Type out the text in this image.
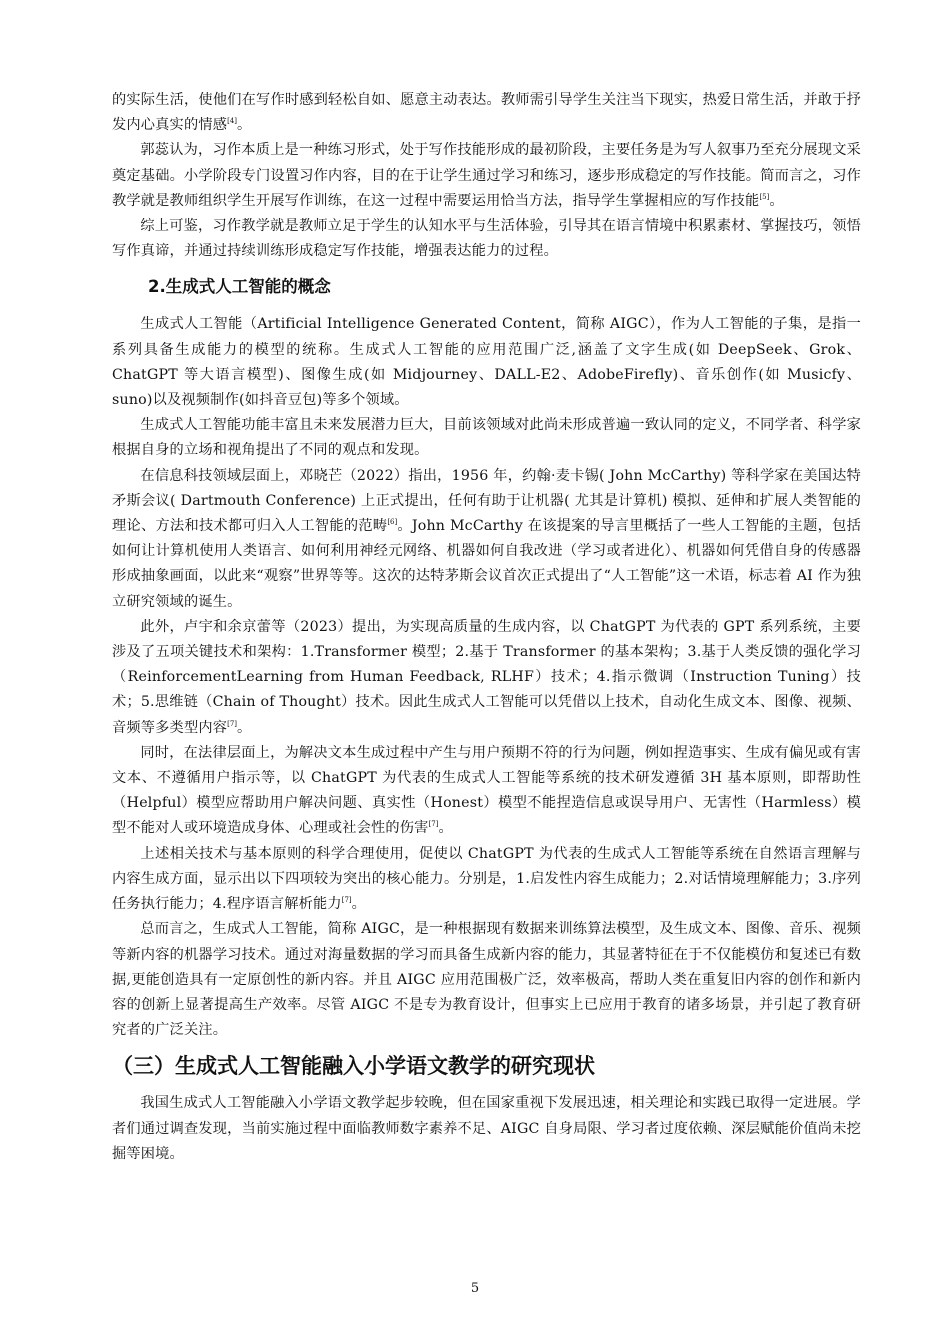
的实际生活，使他们在写作时感到轻松自如、愿意主动表达。教师需引导学生关注当下现实，热爱日常生活，并敢于抒发内心真实的情感[4]。

郭蕊认为，习作本质上是一种练习形式，处于写作技能形成的最初阶段，主要任务是为写人叙事乃至充分展现文采奠定基础。小学阶段专门设置习作内容，目的在于让学生通过学习和练习，逐步形成稳定的写作技能。简而言之，习作教学就是教师组织学生开展写作训练，在这一过程中需要运用恰当方法，指导学生掌握相应的写作技能[5]。

综上可鉴，习作教学就是教师立足于学生的认知水平与生活体验，引导其在语言情境中积累素材、掌握技巧，领悟写作真谛，并通过持续训练形成稳定写作技能，增强表达能力的过程。

2.生成式人工智能的概念

生成式人工智能（Artificial Intelligence Generated Content，简称 AIGC），作为人工智能的子集，是指一系列具备生成能力的模型的统称。生成式人工智能的应用范围广泛,涵盖了文字生成(如 DeepSeek、Grok、ChatGPT 等大语言模型)、图像生成(如 Midjourney、DALL-E2、AdobeFirefly)、音乐创作(如 Musicfy、suno)以及视频制作(如抖音豆包)等多个领域。

生成式人工智能功能丰富且未来发展潜力巨大，目前该领域对此尚未形成普遍一致认同的定义，不同学者、科学家根据自身的立场和视角提出了不同的观点和发现。

在信息科技领域层面上，邓晓芒（2022）指出，1956 年，约翰·麦卡锡( John McCarthy) 等科学家在美国达特矛斯会议( Dartmouth Conference) 上正式提出，任何有助于让机器( 尤其是计算机) 模拟、延伸和扩展人类智能的理论、方法和技术都可归入人工智能的范畴[6]。John McCarthy 在该提案的导言里概括了一些人工智能的主题，包括如何让计算机使用人类语言、如何利用神经元网络、机器如何自我改进（学习或者进化）、机器如何凭借自身的传感器形成抽象画面，以此来“观察”世界等等。这次的达特茅斯会议首次正式提出了“人工智能”这一术语，标志着 AI 作为独立研究领域的诞生。

此外，卢宇和余京蕾等（2023）提出，为实现高质量的生成内容，以 ChatGPT 为代表的 GPT 系列系统，主要涉及了五项关键技术和架构：1.Transformer 模型；2.基于 Transformer 的基本架构；3.基于人类反馈的强化学习（ReinforcementLearning from Human Feedback, RLHF）技术；4.指示微调（Instruction Tuning）技术；5.思维链（Chain of Thought）技术。因此生成式人工智能可以凭借以上技术，自动化生成文本、图像、视频、音频等多类型内容[7]。

同时，在法律层面上，为解决文本生成过程中产生与用户预期不符的行为问题，例如捏造事实、生成有偏见或有害文本、不遵循用户指示等，以 ChatGPT 为代表的生成式人工智能等系统的技术研发遵循 3H 基本原则，即帮助性（Helpful）模型应帮助用户解决问题、真实性（Honest）模型不能捏造信息或误导用户、无害性（Harmless）模型不能对人或环境造成身体、心理或社会性的伤害[7]。

上述相关技术与基本原则的科学合理使用，促使以 ChatGPT 为代表的生成式人工智能等系统在自然语言理解与内容生成方面，显示出以下四项较为突出的核心能力。分别是，1.启发性内容生成能力；2.对话情境理解能力；3.序列任务执行能力；4.程序语言解析能力[7]。

总而言之，生成式人工智能，简称 AIGC，是一种根据现有数据来训练算法模型，及生成文本、图像、音乐、视频等新内容的机器学习技术。通过对海量数据的学习而具备生成新内容的能力，其显著特征在于不仅能模仿和复述已有数据,更能创造具有一定原创性的新内容。并且 AIGC 应用范围极广泛，效率极高，帮助人类在重复旧内容的创作和新内容的创新上显著提高生产效率。尽管 AIGC 不是专为教育设计，但事实上已应用于教育的诸多场景，并引起了教育研究者的广泛关注。

（三）生成式人工智能融入小学语文教学的研究现状

我国生成式人工智能融入小学语文教学起步较晚，但在国家重视下发展迅速，相关理论和实践已取得一定进展。学者们通过调查发现，当前实施过程中面临教师数字素养不足、AIGC 自身局限、学习者过度依赖、深层赋能价值尚未挖掘等困境。

5
